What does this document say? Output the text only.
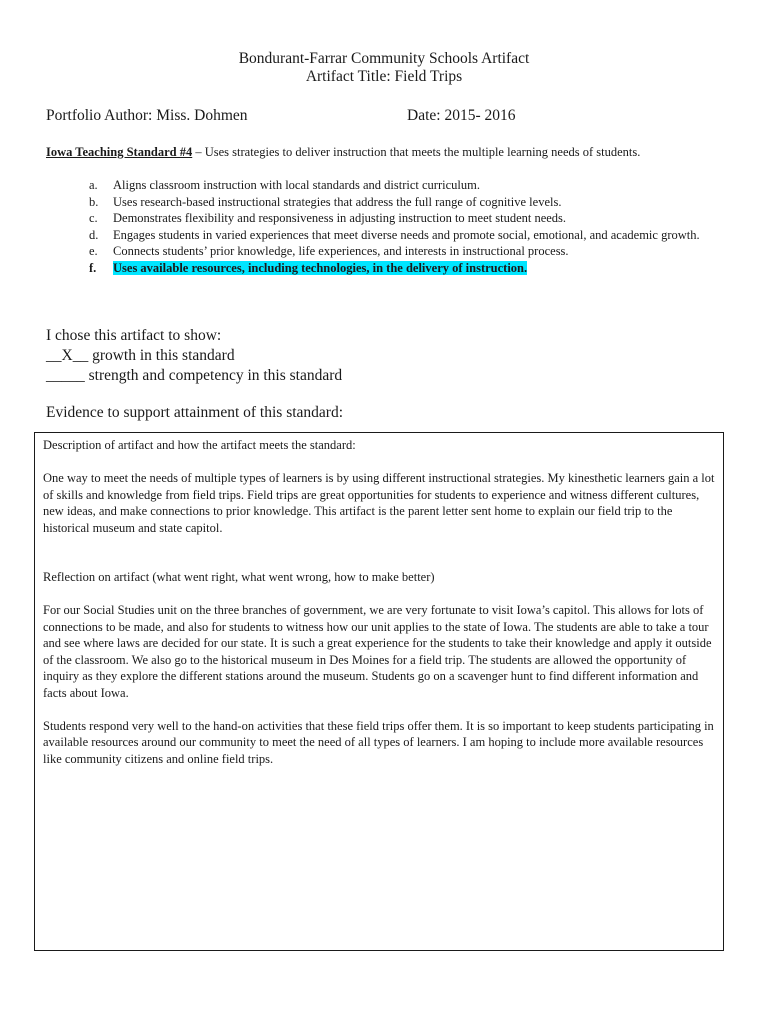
Bondurant-Farrar Community Schools Artifact
Artifact Title: Field Trips
Portfolio Author: Miss. Dohmen	Date: 2015- 2016
Iowa Teaching Standard #4 – Uses strategies to deliver instruction that meets the multiple learning needs of students.
a.	Aligns classroom instruction with local standards and district curriculum.
b.	Uses research-based instructional strategies that address the full range of cognitive levels.
c.	Demonstrates flexibility and responsiveness in adjusting instruction to meet student needs.
d.	Engages students in varied experiences that meet diverse needs and promote social, emotional, and academic growth.
e.	Connects students’ prior knowledge, life experiences, and interests in instructional process.
f.	Uses available resources, including technologies, in the delivery of instruction.
I chose this artifact to show:
__X__ growth in this standard
_____ strength and competency in this standard
Evidence to support attainment of this standard:

Description of artifact and how the artifact meets the standard:

One way to meet the needs of multiple types of learners is by using different instructional strategies. My kinesthetic learners gain a lot of skills and knowledge from field trips. Field trips are great opportunities for students to experience and witness different cultures, new ideas, and make connections to prior knowledge. This artifact is the parent letter sent home to explain our field trip to the historical museum and state capitol.

Reflection on artifact (what went right, what went wrong, how to make better)

For our Social Studies unit on the three branches of government, we are very fortunate to visit Iowa’s capitol. This allows for lots of connections to be made, and also for students to witness how our unit applies to the state of Iowa. The students are able to take a tour and see where laws are decided for our state. It is such a great experience for the students to take their knowledge and apply it outside of the classroom. We also go to the historical museum in Des Moines for a field trip. The students are allowed the opportunity of inquiry as they explore the different stations around the museum. Students go on a scavenger hunt to find different information and facts about Iowa.

Students respond very well to the hand-on activities that these field trips offer them. It is so important to keep students participating in available resources around our community to meet the need of all types of learners. I am hoping to include more available resources like community citizens and online field trips.
